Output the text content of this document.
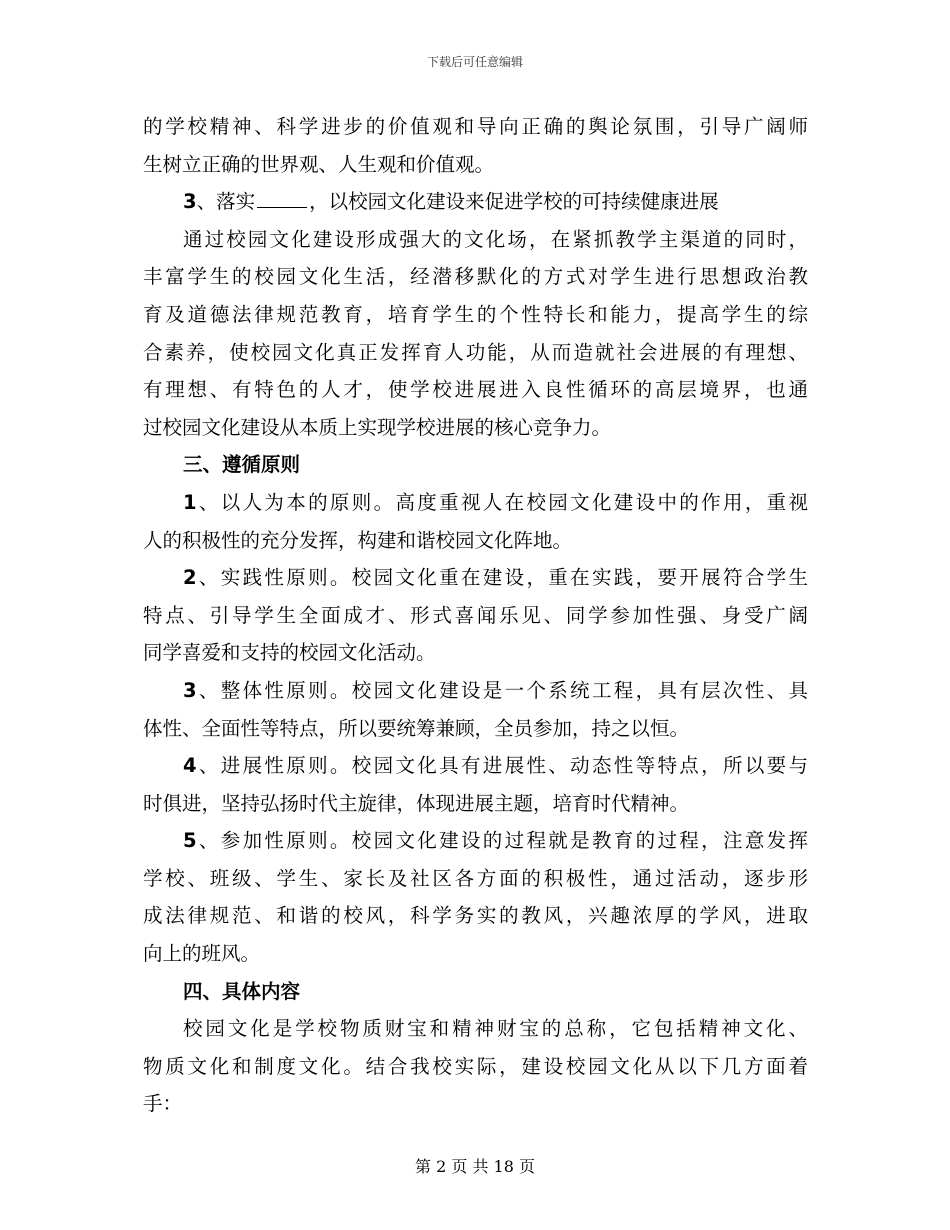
下载后可任意编辑
的学校精神、科学进步的价值观和导向正确的舆论氛围，引导广阔师
生树立正确的世界观、人生观和价值观。
3、落实	，以校园文化建设来促进学校的可持续健康进展
通过校园文化建设形成强大的文化场，在紧抓教学主渠道的同时，
丰富学生的校园文化生活，经潜移默化的方式对学生进行思想政治教
育及道德法律规范教育，培育学生的个性特长和能力，提高学生的综
合素养，使校园文化真正发挥育人功能，从而造就社会进展的有理想、
有理想、有特色的人才，使学校进展进入良性循环的高层境界，也通
过校园文化建设从本质上实现学校进展的核心竞争力。
三、遵循原则
1、以人为本的原则。高度重视人在校园文化建设中的作用，重视
人的积极性的充分发挥，构建和谐校园文化阵地。
2、实践性原则。校园文化重在建设，重在实践，要开展符合学生
特点、引导学生全面成才、形式喜闻乐见、同学参加性强、身受广阔
同学喜爱和支持的校园文化活动。
3、整体性原则。校园文化建设是一个系统工程，具有层次性、具
体性、全面性等特点，所以要统筹兼顾，全员参加，持之以恒。
4、进展性原则。校园文化具有进展性、动态性等特点，所以要与
时俱进，坚持弘扬时代主旋律，体现进展主题，培育时代精神。
5、参加性原则。校园文化建设的过程就是教育的过程，注意发挥
学校、班级、学生、家长及社区各方面的积极性，通过活动，逐步形
成法律规范、和谐的校风，科学务实的教风，兴趣浓厚的学风，进取
向上的班风。
四、具体内容
校园文化是学校物质财宝和精神财宝的总称，它包括精神文化、
物质文化和制度文化。结合我校实际，建设校园文化从以下几方面着
手：
第 2 页 共 18 页
